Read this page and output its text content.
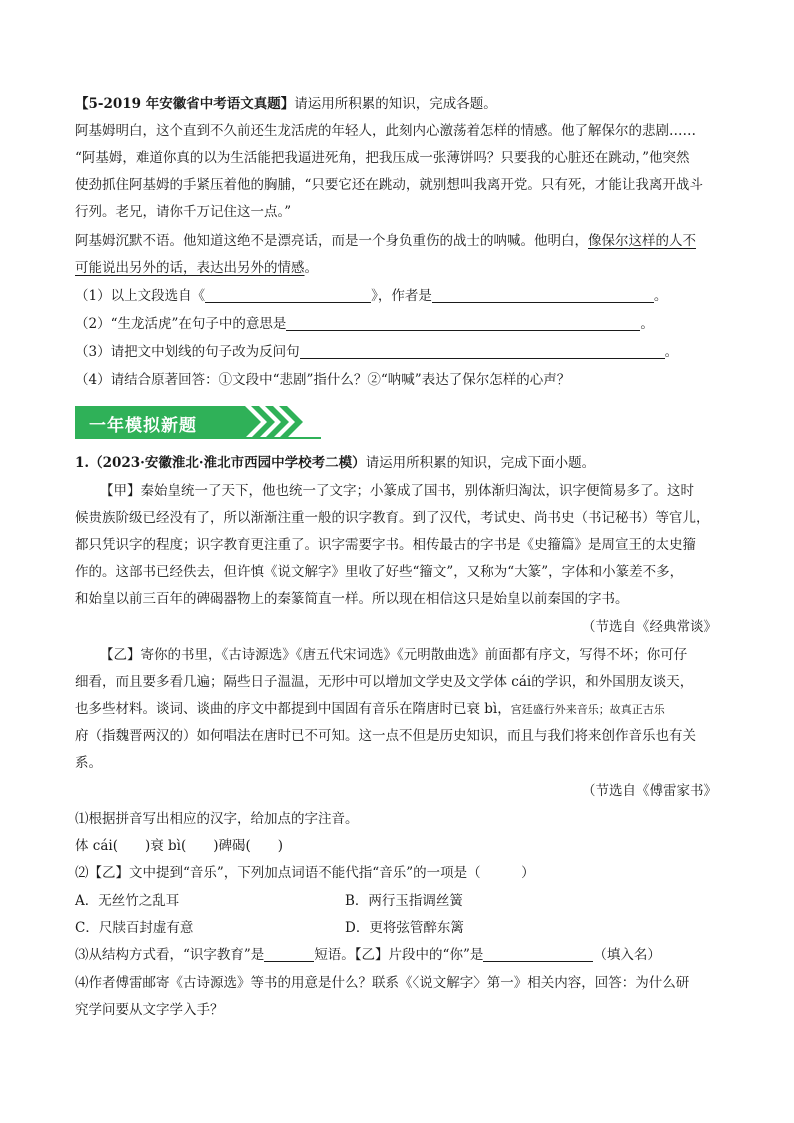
【5-2019 年安徽省中考语文真题】请运用所积累的知识，完成各题。
阿基姆明白，这个直到不久前还生龙活虎的年轻人，此刻内心激荡着怎样的情感。他了解保尔的悲剧……
“阿基姆，难道你真的以为生活能把我逼进死角，把我压成一张薄饼吗？只要我的心脏还在跳动，”他突然
使劲抓住阿基姆的手紧压着他的胸脯，“只要它还在跳动，就别想叫我离开党。只有死，才能让我离开战斗
行列。老兄，请你千万记住这一点。”
阿基姆沉默不语。他知道这绝不是漂亮话，而是一个身负重伤的战士的呐喊。他明白，像保尔这样的人不
可能说出另外的话，表达出另外的情感。
（1）以上文段选自《	》，作者是	。
（2）“生龙活虎”在句子中的意思是	。
（3）请把文中划线的句子改为反问句	。
（4）请结合原著回答：①文段中“悲剧”指什么？②“呐喊”表达了保尔怎样的心声？
一年模拟新题
1.（2023·安徽淮北·淮北市西园中学校考二模）请运用所积累的知识，完成下面小题。
【甲】秦始皇统一了天下，他也统一了文字；小篆成了国书，别体渐归淘汰，识字便简易多了。这时
候贵族阶级已经没有了，所以渐渐注重一般的识字教育。到了汉代，考试史、尚书史（书记秘书）等官儿，
都只凭识字的程度；识字教育更注重了。识字需要字书。相传最古的字书是《史籀篇》是周宣王的太史籀
作的。这部书已经佚去，但许慎《说文解字》里收了好些“籀文”，又称为“大篆”，字体和小篆差不多，
和始皇以前三百年的碑碣器物上的秦篆简直一样。所以现在相信这只是始皇以前秦国的字书。
（节选自《经典常谈》
【乙】寄你的书里，《古诗源选》《唐五代宋词选》《元明散曲选》前面都有序文，写得不坏；你可仔
细看，而且要多看几遍；隔些日子温温，无形中可以增加文学史及文学体 cái的学识，和外国朋友谈天，
也多些材料。谈词、谈曲的序文中都提到中国固有音乐在隋唐时已衰 bì，宫廷盛行外来音乐；故真正古乐
府（指魏晋两汉的）如何唱法在唐时已不可知。这一点不但是历史知识，而且与我们将来创作音乐也有关
系。
（节选自《傅雷家书》
⑴根据拼音写出相应的汉字，给加点的字注音。
体 cái(　　)衰 bì(　　)碑碣(　　)
⑵【乙】文中提到“音乐”，下列加点词语不能代指“音乐”的一项是（　　　）
A．无丝竹之乱耳	B．两行玉指调丝簧
C．尺牍百封虚有意	D．更将弦管醉东篱
⑶从结构方式看，“识字教育”是	短语。【乙】片段中的“你”是	（填入名）
⑷作者傅雷邮寄《古诗源选》等书的用意是什么？联系《〈说文解字〉第一》相关内容，回答：为什么研
究学问要从文字学入手？
